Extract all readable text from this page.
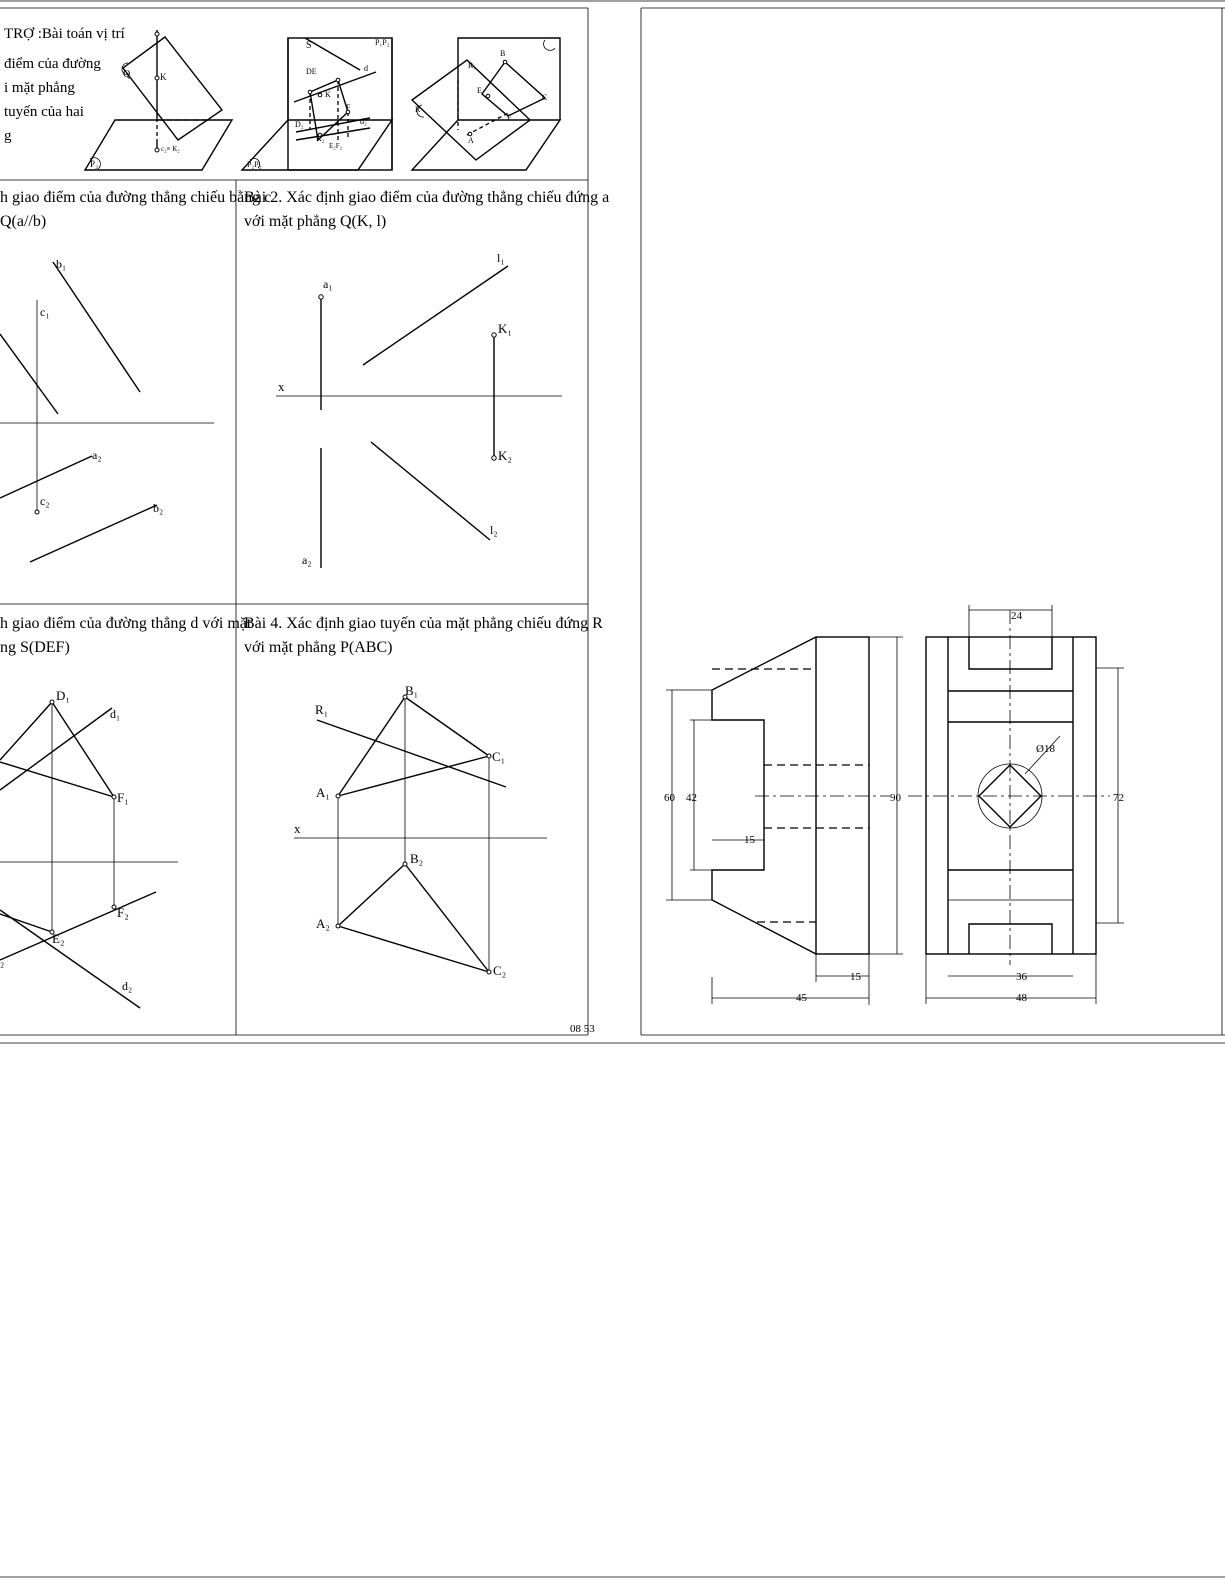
TRỢ :Bài toán vị trí
điểm của đường
i mặt phẳng
tuyến của hai
g
Q	K
c₂≡ K₂
P₂
S	P₁P₂
DE	d
K
F
D₂	d₂
K₂
E₂F₂
P₂P₂
B
R₁
E
C
R
F
A
h giao điểm của đường thẳng chiếu bằng c
Q(a//b)
b₁
c₁
a₂
c₂	b₂
Bài 2. Xác định giao điểm của đường thẳng chiếu đứng a
với mặt phẳng Q(K, l)
l₁
a₁
K₁
x
K₂
l₂
a₂
h giao điểm của đường thẳng d với mặt
ng S(DEF)
D₁
d₁
F₁
F₂
E₂
₂
d₂
Bài 4. Xác định giao tuyến của mặt phẳng chiếu đứng R
với mặt phẳng P(ABC)
B₁
R₁
C₁
A₁
x
B₂
A₂
C₂
08 53
24
Ø18
60 42
15
90	72
15
45
36
48
